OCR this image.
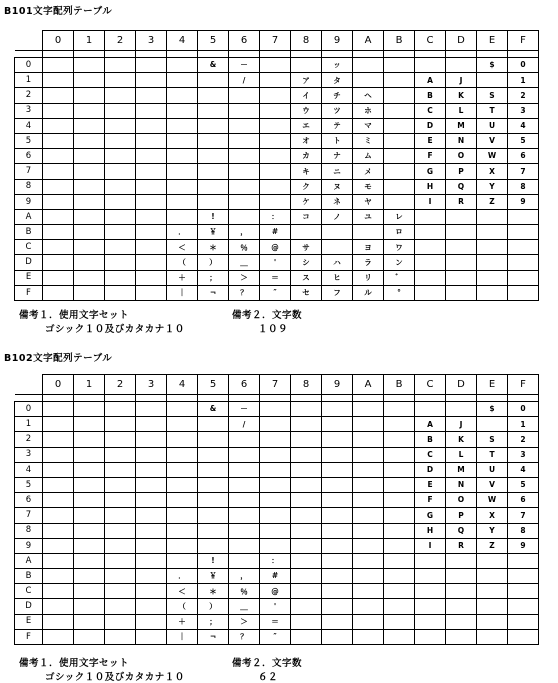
B101文字配列テーブル
	0	1	2	3	4	5	6	7	8	9	A	B	C	D	E	F

0						&	－			ッ					$	0
1							/		ア	タ			A	J		1
2									イ	チ	ヘ		B	K	S	2
3									ウ	ツ	ホ		C	L	T	3
4									エ	テ	マ		D	M	U	4
5									オ	ト	ミ		E	N	V	5
6									カ	ナ	ム		F	O	W	6
7									キ	ニ	メ		G	P	X	7
8									ク	ヌ	モ		H	Q	Y	8
9									ケ	ネ	ヤ		I	R	Z	9
A						!		：	コ	ノ	ユ	レ				
B					．	￥	，	#				ロ				
C					＜	＊	％	@	サ		ヨ	ワ				
D					（	）	＿	'	シ	ハ	ラ	ン				
E					＋	；	＞	＝	ス	ヒ	リ	゛				
F					｜	¬	？	″	セ	フ	ル	°				
備考１．使用文字セット
ゴシック１０及びカタカナ１０
備考２．文字数
１０９
B102文字配列テーブル
	0	1	2	3	4	5	6	7	8	9	A	B	C	D	E	F

0						&	－								$	0
1							/						A	J		1
2													B	K	S	2
3													C	L	T	3
4													D	M	U	4
5													E	N	V	5
6													F	O	W	6
7													G	P	X	7
8													H	Q	Y	8
9													I	R	Z	9
A						!		：								
B					．	￥	，	#								
C					＜	＊	％	@								
D					（	）	＿	'								
E					＋	；	＞	＝								
F					｜	¬	？	″								
備考１．使用文字セット
ゴシック１０及びカタカナ１０
備考２．文字数
６２
